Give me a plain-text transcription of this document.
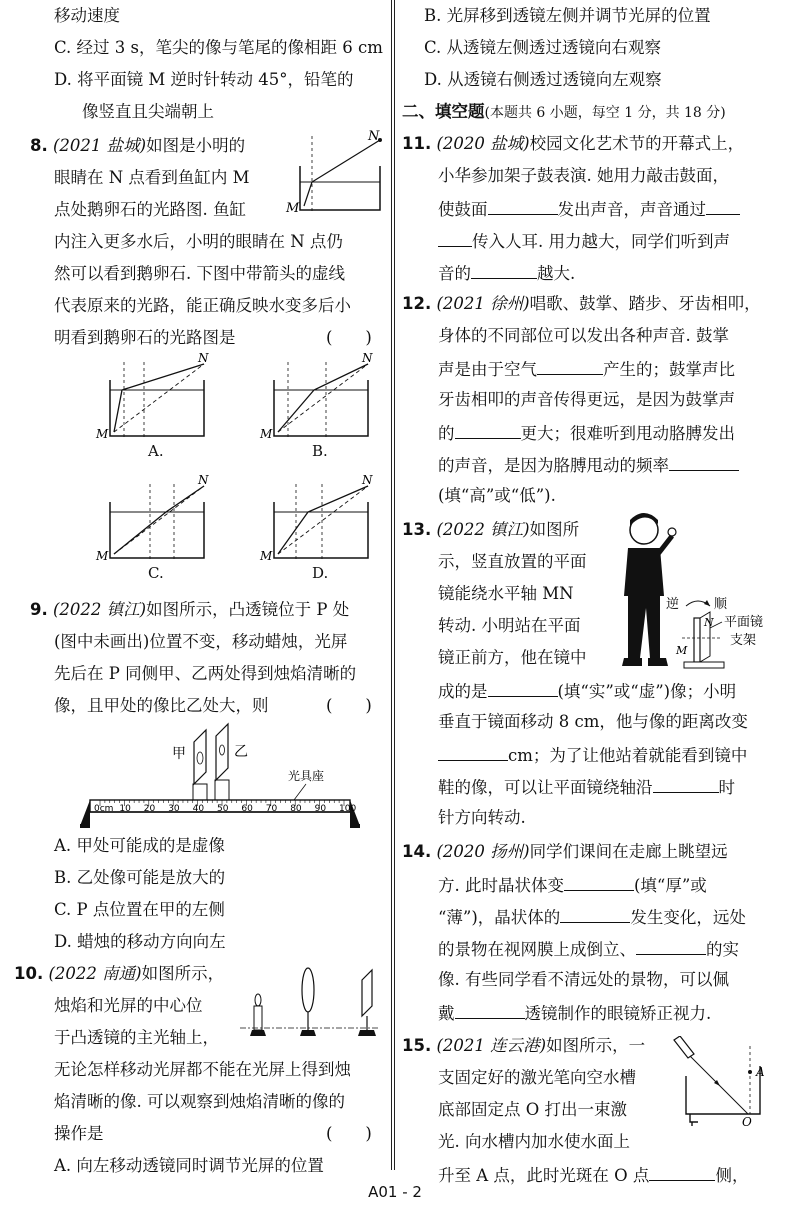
移动速度
C. 经过 3 s，笔尖的像与笔尾的像相距 6 cm
D. 将平面镜 M 逆时针转动 45°，铅笔的
像竖直且尖端朝上
8. (2021 盐城)如图是小明的
眼睛在 N 点看到鱼缸内 M
点处鹅卵石的光路图. 鱼缸
内注入更多水后，小明的眼睛在 N 点仍
然可以看到鹅卵石. 下图中带箭头的虚线
代表原来的光路，能正确反映水变多后小
明看到鹅卵石的光路图是	(　　)
N
M
N
M
A.
N
M
B.
N
M
C.
N
M
D.
9. (2022 镇江)如图所示，凸透镜位于 P 处
(图中未画出)位置不变，移动蜡烛，光屏
先后在 P 同侧甲、乙两处得到烛焰清晰的
像，且甲处的像比乙处大，则	(　　)
甲	乙
光具座
0cm 10 20 30 40 50 60 70 80 90 100
A. 甲处可能成的是虚像
B. 乙处像可能是放大的
C. P 点位置在甲的左侧
D. 蜡烛的移动方向向左
10. (2022 南通)如图所示，
烛焰和光屏的中心位
于凸透镜的主光轴上，
无论怎样移动光屏都不能在光屏上得到烛
焰清晰的像. 可以观察到烛焰清晰的像的
操作是	(　　)
A. 向左移动透镜同时调节光屏的位置
B. 光屏移到透镜左侧并调节光屏的位置
C. 从透镜左侧透过透镜向右观察
D. 从透镜右侧透过透镜向左观察
二、填空题(本题共 6 小题，每空 1 分，共 18 分)
11. (2020 盐城)校园文化艺术节的开幕式上，
小华参加架子鼓表演. 她用力敲击鼓面，
使鼓面	发出声音，声音通过
传入人耳. 用力越大，同学们听到声
音的	越大.
12. (2021 徐州)唱歌、鼓掌、踏步、牙齿相叩，
身体的不同部位可以发出各种声音. 鼓掌
声是由于空气	产生的；鼓掌声比
牙齿相叩的声音传得更远，是因为鼓掌声
的	更大；很难听到甩动胳膊发出
的声音，是因为胳膊甩动的频率
(填“高”或“低”).
13. (2022 镇江)如图所
示，竖直放置的平面
镜能绕水平轴 MN
转动. 小明站在平面
镜正前方，他在镜中
成的是	(填“实”或“虚”)像；小明
垂直于镜面移动 8 cm，他与像的距离改变
cm；为了让他站着就能看到镜中
鞋的像，可以让平面镜绕轴沿	时
针方向转动.
逆	顺
N
M
平面镜
支架
14. (2020 扬州)同学们课间在走廊上眺望远
方. 此时晶状体变	(填“厚”或
“薄”)，晶状体的	发生变化，远处
的景物在视网膜上成倒立、	的实
像. 有些同学看不清远处的景物，可以佩
戴	透镜制作的眼镜矫正视力.
15. (2021 连云港)如图所示，一
支固定好的激光笔向空水槽
底部固定点 O 打出一束激
光. 向水槽内加水使水面上
升至 A 点，此时光斑在 O 点	侧，
A
O
A01 - 2
